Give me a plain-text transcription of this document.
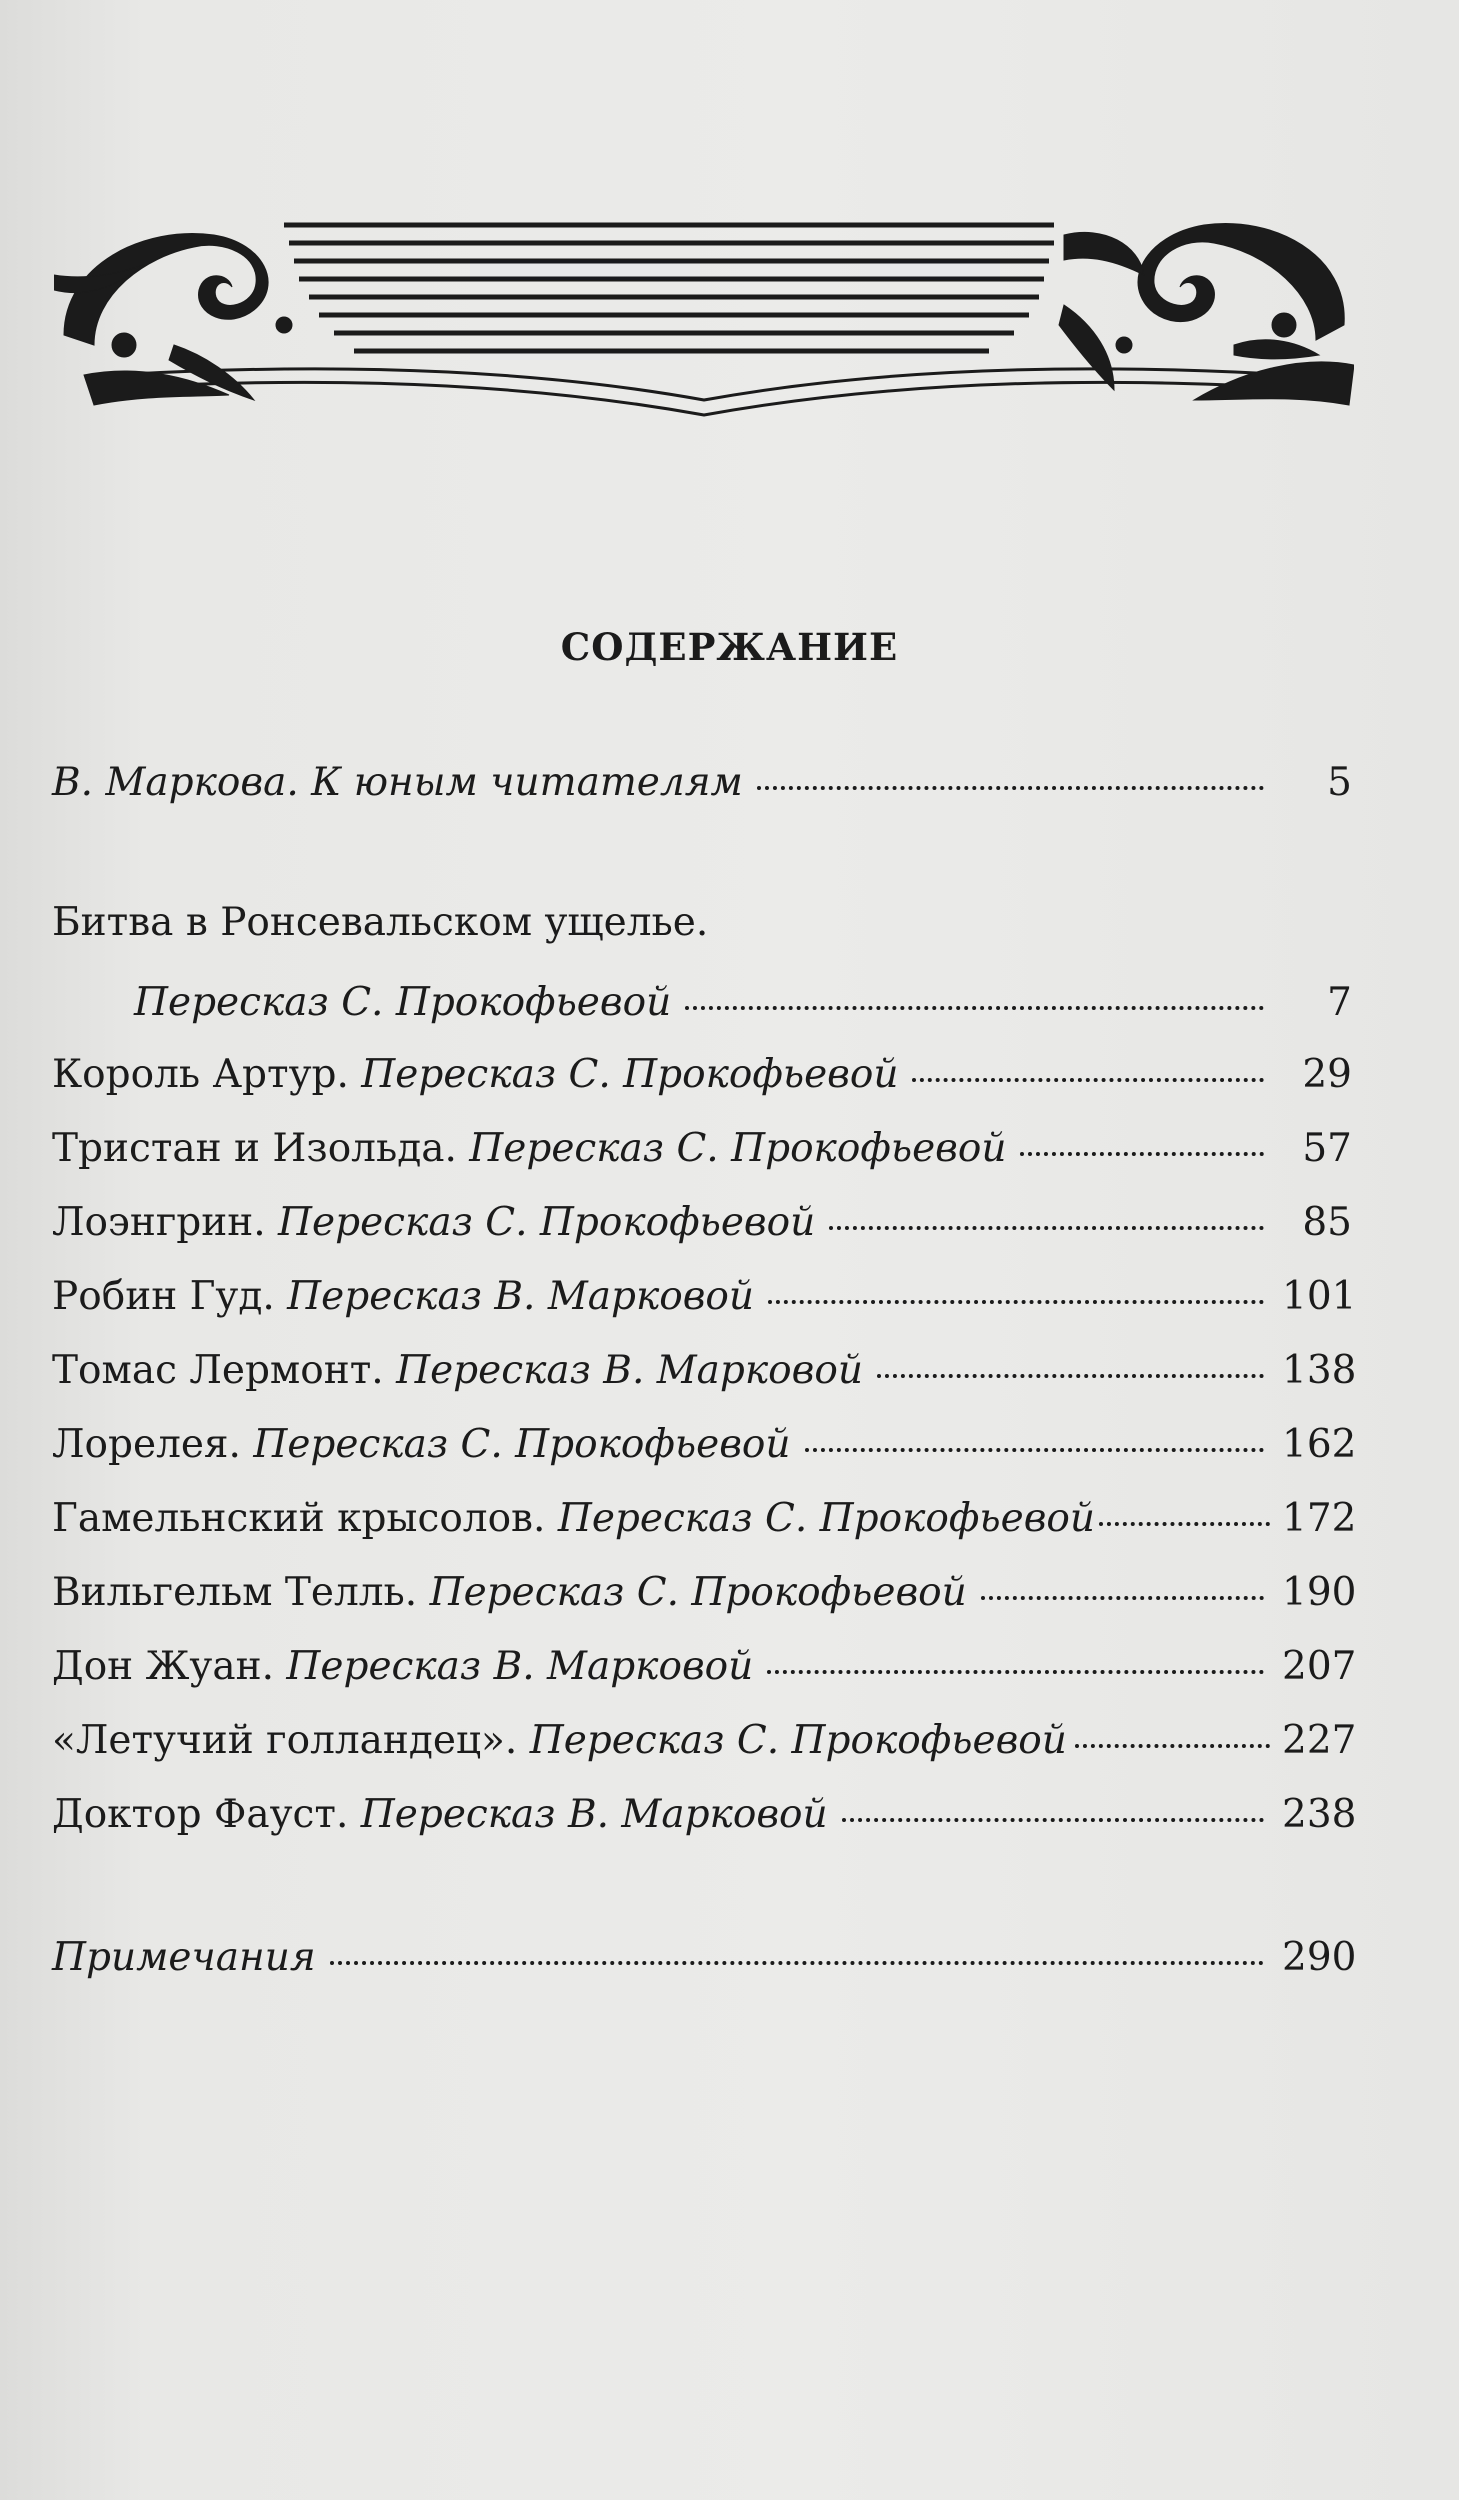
СОДЕРЖАНИЕ
В. Маркова. К юным читателям	5
Битва в Ронсевальском ущелье.
Пересказ С. Прокофьевой	7
Король Артур. Пересказ С. Прокофьевой	29
Тристан и Изольда. Пересказ С. Прокофьевой	57
Лоэнгрин. Пересказ С. Прокофьевой	85
Робин Гуд. Пересказ В. Марковой	101
Томас Лермонт. Пересказ В. Марковой	138
Лорелея. Пересказ С. Прокофьевой	162
Гамельнский крысолов. Пересказ С. Прокофьевой	172
Вильгельм Телль. Пересказ С. Прокофьевой	190
Дон Жуан. Пересказ В. Марковой	207
«Летучий голландец». Пересказ С. Прокофьевой	227
Доктор Фауст. Пересказ В. Марковой	238
Примечания	290
